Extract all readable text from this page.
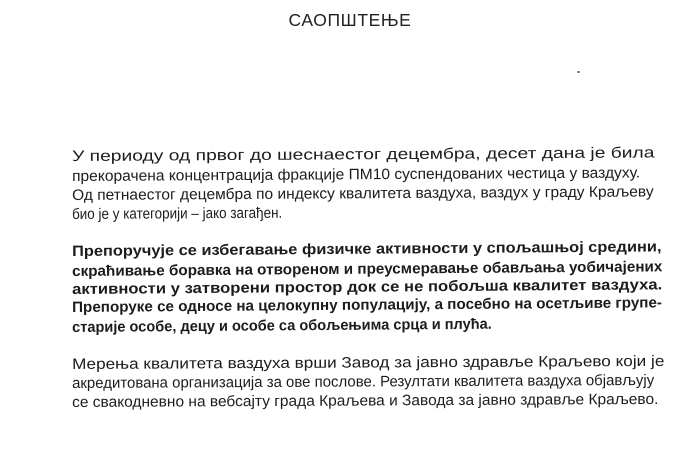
САОПШТЕЊЕ
У периоду од првог до шеснаестог децембра, десет дана је била
прекорачена концентрација фракције ПМ10 суспендованих честица у ваздуху.
Од петнаестог децембра по индексу квалитета ваздуха, ваздух у граду Краљеву
био је у категорији – јако загађен.
Препоручује се избегавање физичке активности у спољашњој средини,
скраћивање боравка на отвореном и преусмеравање обављања уобичајених
активности у затворени простор док се не побољша квалитет ваздуха.
Препоруке се односе на целокупну популацију, а посебно на осетљиве групе-
старије особе, децу и особе са обољењима срца и плућа.
Мерења квалитета ваздуха врши Завод за јавно здравље Краљево који је
акредитована организација за ове послове. Резултати квалитета ваздуха објављују
се свакодневно на вебсајту града Краљева и Завода за јавно здравље Краљево.
